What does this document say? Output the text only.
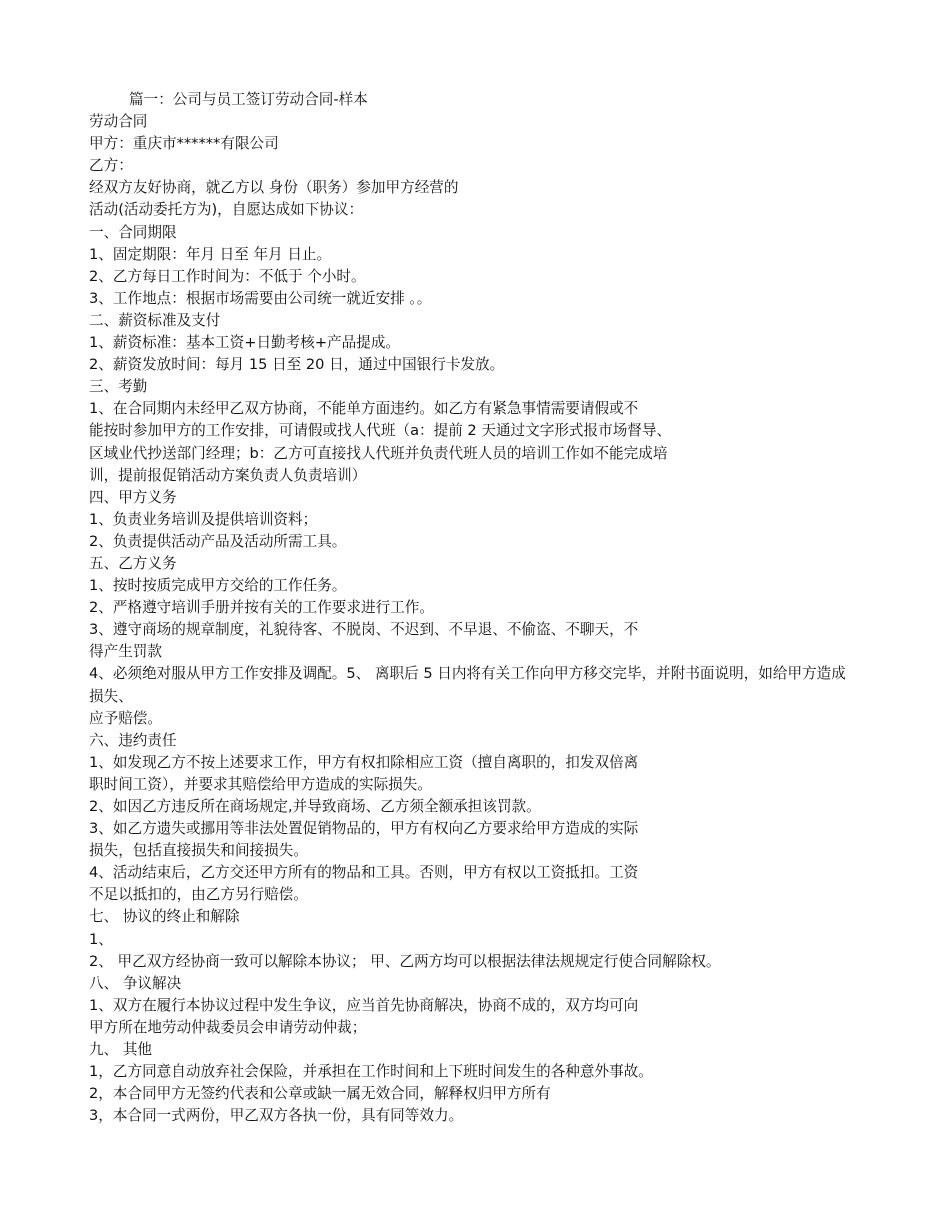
篇一：公司与员工签订劳动合同-样本
劳动合同
甲方：重庆市******有限公司
乙方：
经双方友好协商，就乙方以 身份（职务）参加甲方经营的
活动(活动委托方为)，自愿达成如下协议：
一、合同期限
1、固定期限：年月 日至 年月 日止。
2、乙方每日工作时间为：不低于 个小时。
3、工作地点：根据市场需要由公司统一就近安排 。。
二、薪资标准及支付
1、薪资标准：基本工资+日勤考核+产品提成。
2、薪资发放时间：每月 15 日至 20 日，通过中国银行卡发放。
三、考勤
1、在合同期内未经甲乙双方协商，不能单方面违约。如乙方有紧急事情需要请假或不
能按时参加甲方的工作安排，可请假或找人代班（a：提前 2 天通过文字形式报市场督导、
区域业代抄送部门经理；b：乙方可直接找人代班并负责代班人员的培训工作如不能完成培
训，提前报促销活动方案负责人负责培训）
四、甲方义务
1、负责业务培训及提供培训资料；
2、负责提供活动产品及活动所需工具。
五、乙方义务
1、按时按质完成甲方交给的工作任务。
2、严格遵守培训手册并按有关的工作要求进行工作。
3、遵守商场的规章制度，礼貌待客、不脱岗、不迟到、不早退、不偷盗、不聊天，不
得产生罚款
4、必须绝对服从甲方工作安排及调配。5、 离职后 5 日内将有关工作向甲方移交完毕，并附书面说明，如给甲方造成损失、
应予赔偿。
六、违约责任
1、如发现乙方不按上述要求工作，甲方有权扣除相应工资（擅自离职的，扣发双倍离
职时间工资），并要求其赔偿给甲方造成的实际损失。
2、如因乙方违反所在商场规定,并导致商场、乙方须全额承担该罚款。
3、如乙方遗失或挪用等非法处置促销物品的，甲方有权向乙方要求给甲方造成的实际
损失，包括直接损失和间接损失。
4、活动结束后，乙方交还甲方所有的物品和工具。否则，甲方有权以工资抵扣。工资
不足以抵扣的，由乙方另行赔偿。
七、 协议的终止和解除
1、
2、 甲乙双方经协商一致可以解除本协议； 甲、乙两方均可以根据法律法规规定行使合同解除权。
八、 争议解决
1、双方在履行本协议过程中发生争议，应当首先协商解决，协商不成的，双方均可向
甲方所在地劳动仲裁委员会申请劳动仲裁；
九、 其他
1，乙方同意自动放弃社会保险，并承担在工作时间和上下班时间发生的各种意外事故。
2，本合同甲方无签约代表和公章或缺一属无效合同，解释权归甲方所有
3，本合同一式两份，甲乙双方各执一份，具有同等效力。
